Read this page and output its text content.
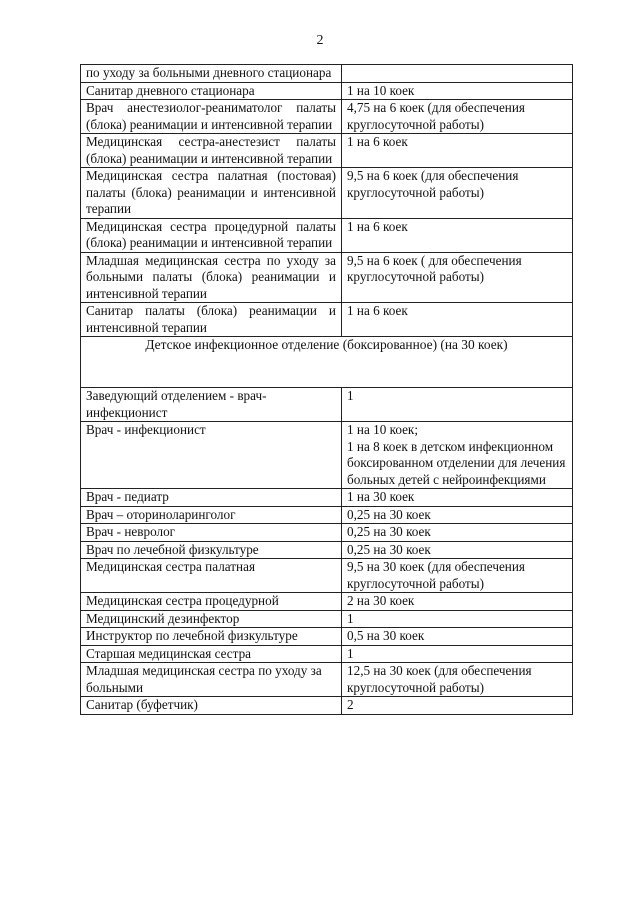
2
по уходу за больными дневного стационара	
Санитар дневного стационара	1 на 10 коек
Врач анестезиолог-реаниматолог палаты (блока) реанимации и интенсивной терапии	4,75 на 6 коек (для обеспечения круглосуточной работы)
Медицинская сестра-анестезист палаты (блока) реанимации и интенсивной терапии	1 на 6 коек
Медицинская сестра палатная (постовая) палаты (блока) реанимации и интенсивной терапии	9,5 на 6 коек (для обеспечения круглосуточной работы)
Медицинская сестра процедурной палаты (блока) реанимации и интенсивной терапии	1 на 6 коек
Младшая медицинская сестра по уходу за больными палаты (блока) реанимации и интенсивной терапии	9,5 на 6 коек ( для обеспечения круглосуточной работы)
Санитар палаты (блока) реанимации и интенсивной терапии	1 на 6 коек
Детское инфекционное отделение (боксированное) (на 30 коек)	
Заведующий отделением - врач-инфекционист	1
Врач - инфекционист	1 на 10 коек;
1 на 8 коек в детском инфекционном боксированном отделении для лечения больных детей с нейроинфекциями

Врач - педиатр	1 на 30 коек
Врач – оториноларинголог	0,25 на 30 коек
Врач - невролог	0,25 на 30 коек
Врач по лечебной физкультуре	0,25 на 30 коек
Медицинская сестра палатная	9,5 на 30 коек (для обеспечения круглосуточной работы)
Медицинская сестра процедурной	2 на 30 коек
Медицинский дезинфектор	1
Инструктор по лечебной физкультуре	0,5 на 30 коек
Старшая медицинская сестра	1
Младшая медицинская сестра по уходу за больными	12,5 на 30 коек (для обеспечения круглосуточной работы)
Санитар (буфетчик)	2
